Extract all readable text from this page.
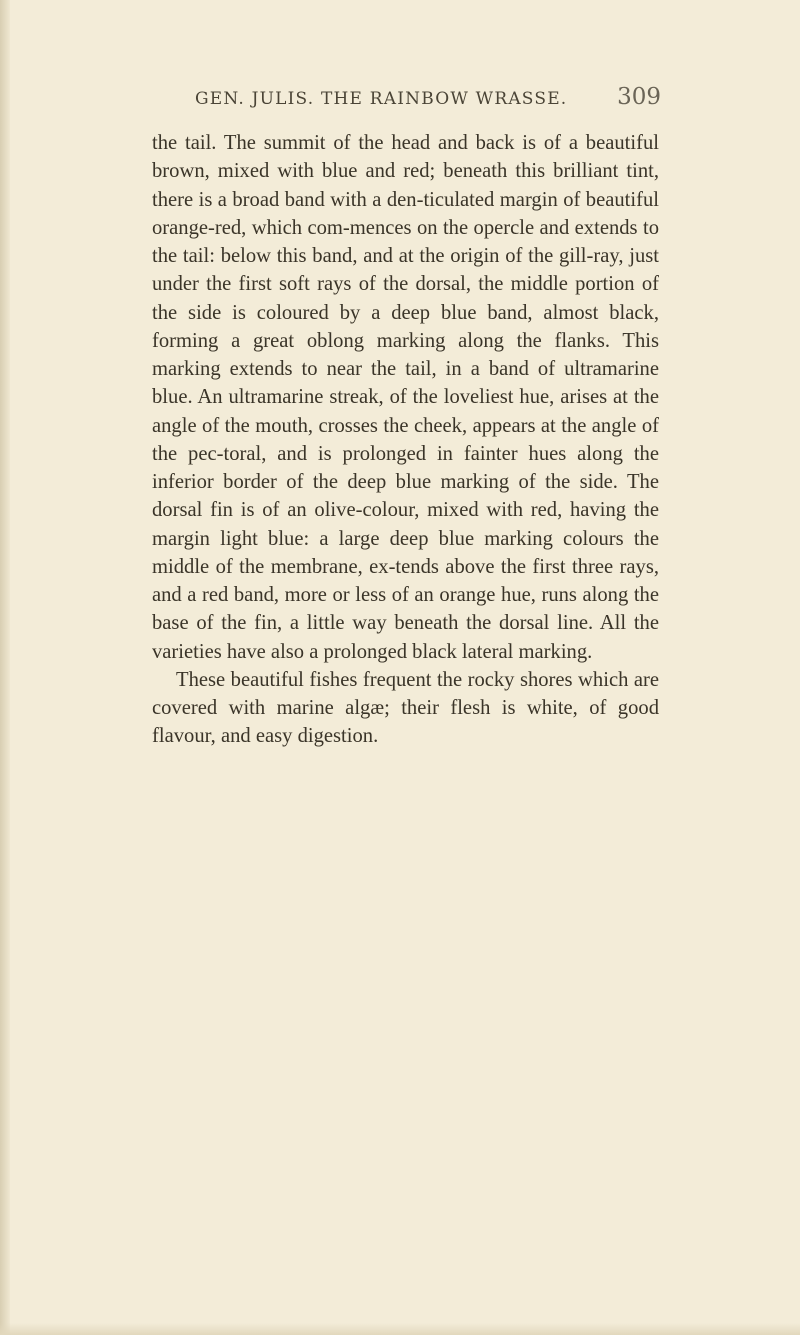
GEN. JULIS. THE RAINBOW WRASSE. 309

the tail. The summit of the head and back is of a beautiful brown, mixed with blue and red; beneath this brilliant tint, there is a broad band with a den-ticulated margin of beautiful orange-red, which com-mences on the opercle and extends to the tail: below this band, and at the origin of the gill-ray, just under the first soft rays of the dorsal, the middle portion of the side is coloured by a deep blue band, almost black, forming a great oblong marking along the flanks. This marking extends to near the tail, in a band of ultramarine blue. An ultramarine streak, of the loveliest hue, arises at the angle of the mouth, crosses the cheek, appears at the angle of the pec-toral, and is prolonged in fainter hues along the inferior border of the deep blue marking of the side. The dorsal fin is of an olive-colour, mixed with red, having the margin light blue: a large deep blue marking colours the middle of the membrane, ex-tends above the first three rays, and a red band, more or less of an orange hue, runs along the base of the fin, a little way beneath the dorsal line. All the varieties have also a prolonged black lateral marking.

These beautiful fishes frequent the rocky shores which are covered with marine algæ; their flesh is white, of good flavour, and easy digestion.
